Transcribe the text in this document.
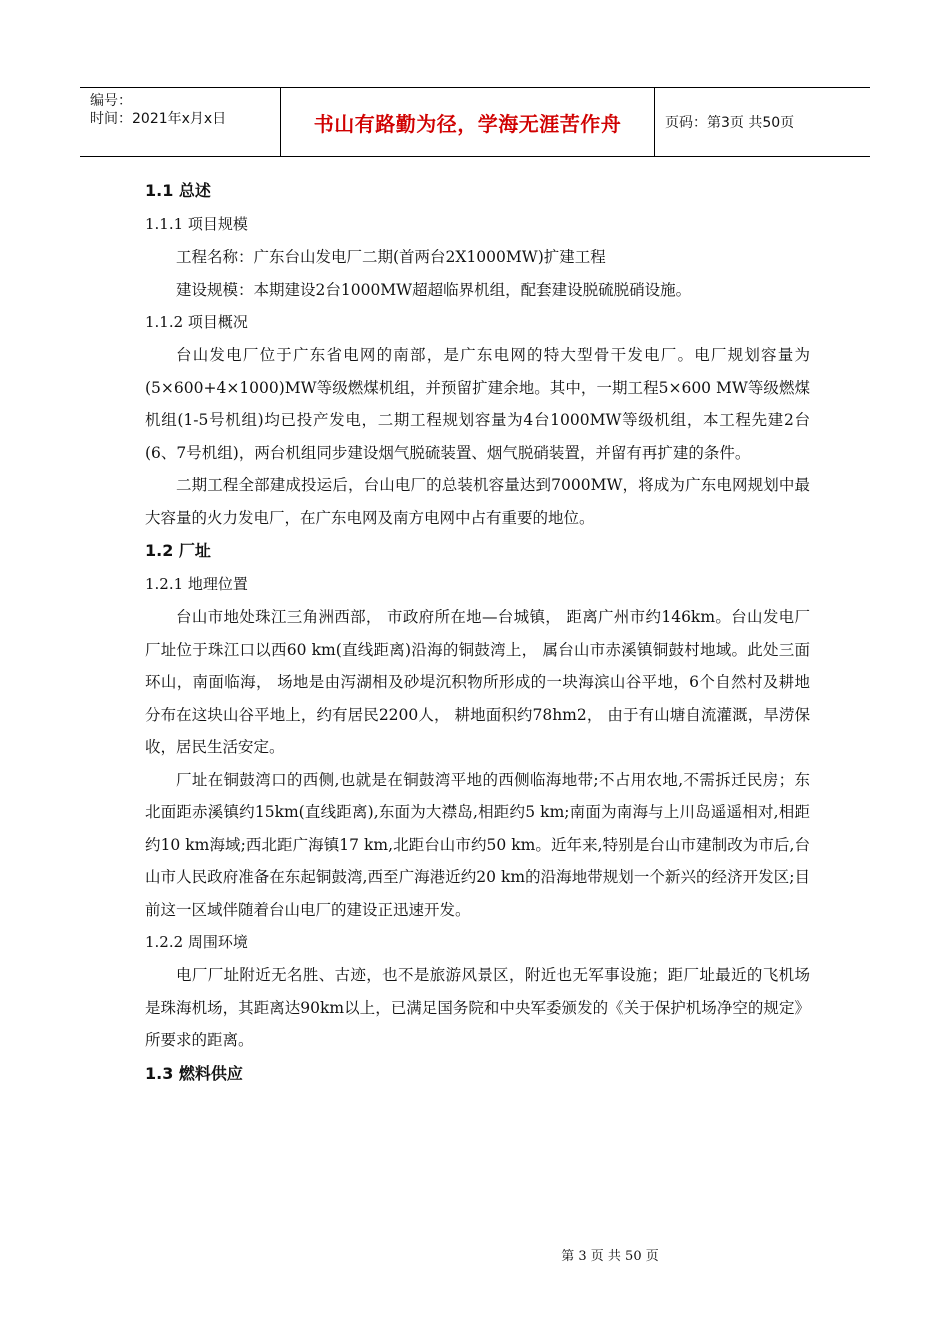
编号：
时间：2021年x月x日	书山有路勤为径，学海无涯苦作舟	页码：第3页 共50页
1.1 总述
1.1.1 项目规模
工程名称：广东台山发电厂二期(首两台2X1000MW)扩建工程
建设规模：本期建设2台1000MW超超临界机组，配套建设脱硫脱硝设施。
1.1.2 项目概况
台山发电厂位于广东省电网的南部，是广东电网的特大型骨干发电厂。电厂规划容量为(5×600+4×1000)MW等级燃煤机组，并预留扩建余地。其中，一期工程5×600 MW等级燃煤机组(1-5号机组)均已投产发电，二期工程规划容量为4台1000MW等级机组，本工程先建2台(6、7号机组)，两台机组同步建设烟气脱硫装置、烟气脱硝装置，并留有再扩建的条件。
二期工程全部建成投运后，台山电厂的总装机容量达到7000MW，将成为广东电网规划中最大容量的火力发电厂，在广东电网及南方电网中占有重要的地位。
1.2 厂址
1.2.1 地理位置
台山市地处珠江三角洲西部， 市政府所在地—台城镇， 距离广州市约146km。台山发电厂厂址位于珠江口以西60 km(直线距离)沿海的铜鼓湾上， 属台山市赤溪镇铜鼓村地域。此处三面环山，南面临海， 场地是由泻湖相及砂堤沉积物所形成的一块海滨山谷平地，6个自然村及耕地分布在这块山谷平地上，约有居民2200人， 耕地面积约78hm2， 由于有山塘自流灌溉，旱涝保收，居民生活安定。
厂址在铜鼓湾口的西侧,也就是在铜鼓湾平地的西侧临海地带;不占用农地,不需拆迁民房；东北面距赤溪镇约15km(直线距离),东面为大襟岛,相距约5 km;南面为南海与上川岛遥遥相对,相距约10 km海域;西北距广海镇17 km,北距台山市约50 km。近年来,特别是台山市建制改为市后,台山市人民政府准备在东起铜鼓湾,西至广海港近约20 km的沿海地带规划一个新兴的经济开发区;目前这一区域伴随着台山电厂的建设正迅速开发。
1.2.2 周围环境
电厂厂址附近无名胜、古迹，也不是旅游风景区，附近也无军事设施；距厂址最近的飞机场是珠海机场，其距离达90km以上，已满足国务院和中央军委颁发的《关于保护机场净空的规定》所要求的距离。
1.3 燃料供应
第 3 页 共 50 页
